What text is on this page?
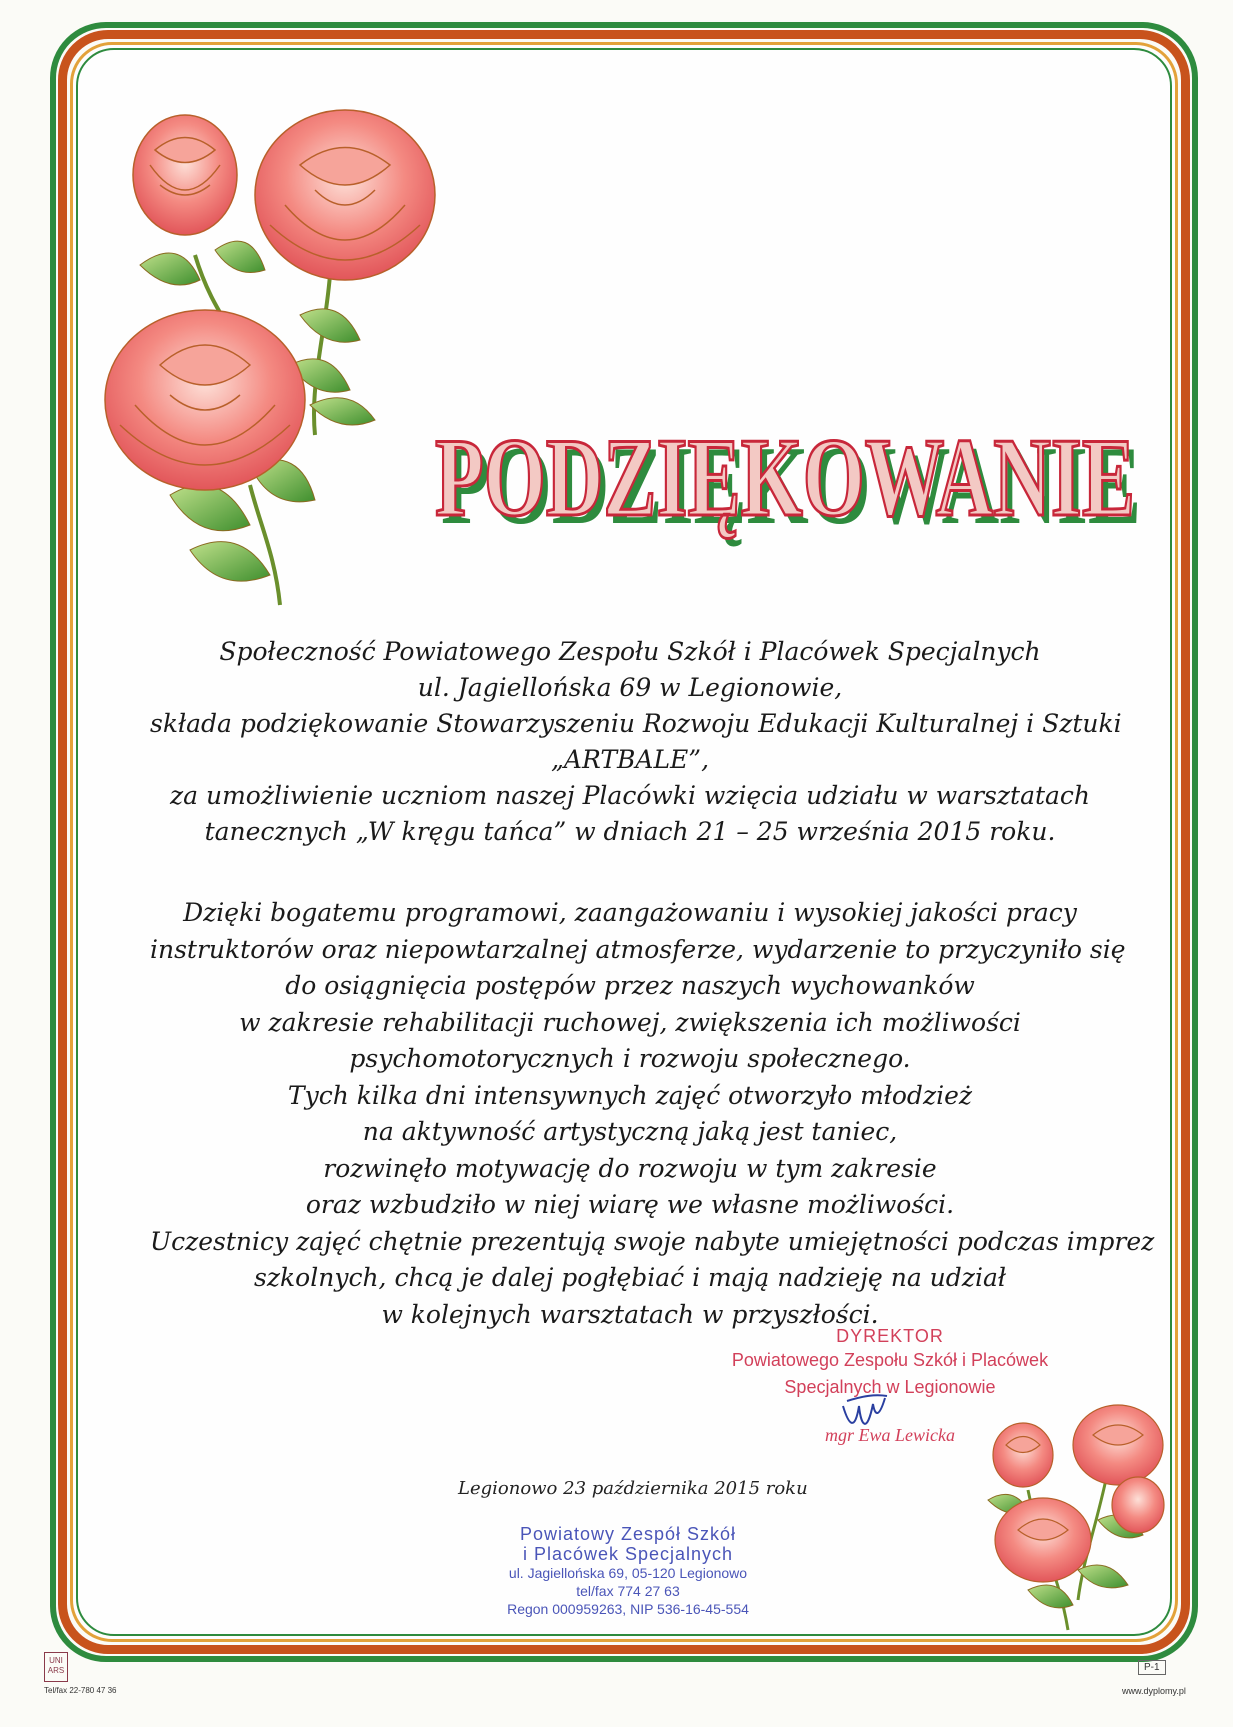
PODZIĘKOWANIE
PODZIĘKOWANIE
Społeczność Powiatowego Zespołu Szkół i Placówek Specjalnych
ul. Jagiellońska 69 w Legionowie,
składa podziękowanie Stowarzyszeniu Rozwoju Edukacji Kulturalnej i Sztuki
„ARTBALE”,
za umożliwienie uczniom naszej Placówki wzięcia udziału w warsztatach
tanecznych „W kręgu tańca” w dniach 21 – 25 września 2015 roku.
Dzięki bogatemu programowi, zaangażowaniu i wysokiej jakości pracy
instruktorów oraz niepowtarzalnej atmosferze, wydarzenie to przyczyniło się
do osiągnięcia postępów przez naszych wychowanków
w zakresie rehabilitacji ruchowej, zwiększenia ich możliwości
psychomotorycznych i rozwoju społecznego.
Tych kilka dni intensywnych zajęć otworzyło młodzież
na aktywność artystyczną jaką jest taniec,
rozwinęło motywację do rozwoju w tym zakresie
oraz wzbudziło w niej wiarę we własne możliwości.
Uczestnicy zajęć chętnie prezentują swoje nabyte umiejętności podczas imprez
szkolnych, chcą je dalej pogłębiać i mają nadzieję na udział
w kolejnych warsztatach w przyszłości.
DYREKTOR
Powiatowego Zespołu Szkół i Placówek
Specjalnych w Legionowie
mgr Ewa Lewicka
Legionowo 23 października 2015 roku
Powiatowy Zespół Szkół
i Placówek Specjalnych
ul. Jagiellońska 69, 05-120 Legionowo
tel/fax 774 27 63
Regon 000959263, NIP 536-16-45-554
UNI ARS
Tel/fax 22-780 47 36
P-1
www.dyplomy.pl
